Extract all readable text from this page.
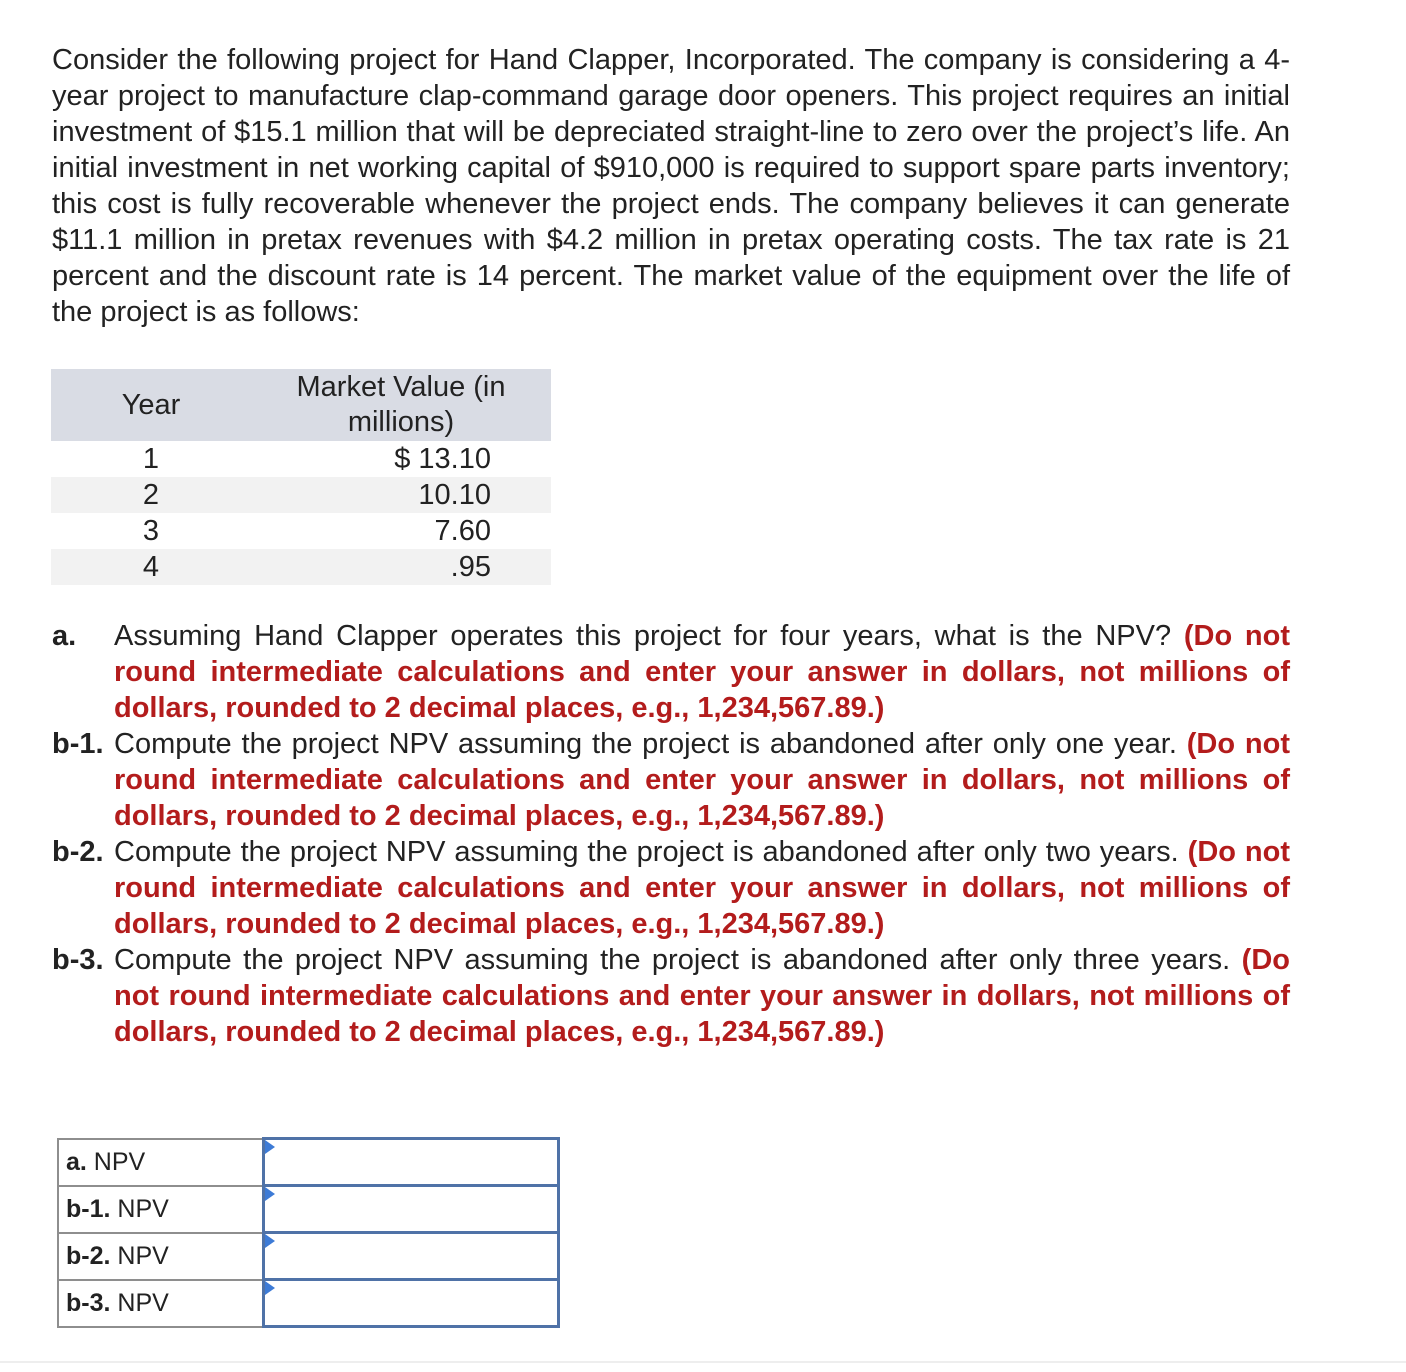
Consider the following project for Hand Clapper, Incorporated. The company is considering a 4-year project to manufacture clap-command garage door openers. This project requires an initial investment of $15.1 million that will be depreciated straight-line to zero over the project’s life. An initial investment in net working capital of $910,000 is required to support spare parts inventory; this cost is fully recoverable whenever the project ends. The company believes it can generate $11.1 million in pretax revenues with $4.2 million in pretax operating costs. The tax rate is 21 percent and the discount rate is 14 percent. The market value of the equipment over the life of the project is as follows:

Year	Market Value (in millions)
1	$ 13.10
2	10.10
3	7.60
4	.95
a.	Assuming Hand Clapper operates this project for four years, what is the NPV? (Do not round intermediate calculations and enter your answer in dollars, not millions of dollars, rounded to 2 decimal places, e.g., 1,234,567.89.)
b-1. Compute the project NPV assuming the project is abandoned after only one year. (Do not round intermediate calculations and enter your answer in dollars, not millions of dollars, rounded to 2 decimal places, e.g., 1,234,567.89.)
b-2. Compute the project NPV assuming the project is abandoned after only two years. (Do not round intermediate calculations and enter your answer in dollars, not millions of dollars, rounded to 2 decimal places, e.g., 1,234,567.89.)
b-3. Compute the project NPV assuming the project is abandoned after only three years. (Do not round intermediate calculations and enter your answer in dollars, not millions of dollars, rounded to 2 decimal places, e.g., 1,234,567.89.)
a. NPV	

b-1. NPV	

b-2. NPV	

b-3. NPV	
